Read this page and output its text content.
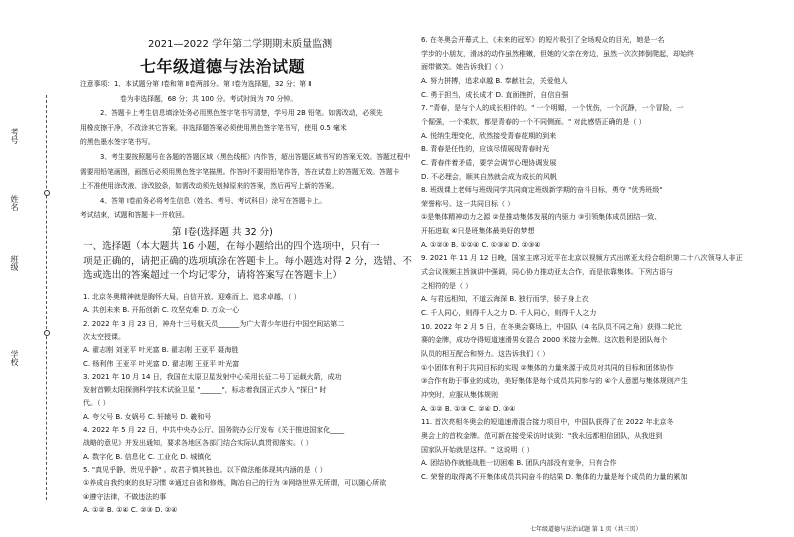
考号
姓名
班级
学校
2021—2022 学年第二学期期末质量监测
七年级道德与法治试题
注意事项：1、本试题分第 Ⅰ卷和第 Ⅱ卷两部分。第 Ⅰ卷为选择题，32 分；第 Ⅱ
卷为非选择题，68 分；共 100 分。考试时间为 70 分钟。
2、答题卡上考生信息填涂处务必用黑色签字笔书写清楚，学号用 2B 铅笔。如需改动，必须先
用橡皮擦干净，不改涂其它答案。非选择题答案必须使用黑色签字笔书写，使用 0.5 毫米
的黑色墨水签字笔书写。
3、考生要按照题号在各题的答题区域（黑色线框）内作答，超出答题区域书写的答案无效。答题过程中
需要用铅笔画图，画图后必须用黑色签字笔描黑。作答时不要用铅笔作答，答在试卷上的答题无效。答题卡
上不准使用涂改液、涂改胶条，如需改动须先划掉原来的答案，然后再写上新的答案。
4、答第 Ⅰ卷前务必将考生信息（姓名、考号、考试科目）涂写在答题卡上。
考试结束，试题和答题卡一并收回。
第 Ⅰ卷(选择题 共 32 分)
一、选择题（本大题共 16 小题，在每小题给出的四个选项中，只有一
项是正确的，请把正确的选项填涂在答题卡上。每小题选对得 2 分，选错、不
选或选出的答案超过一个均记零分，请将答案写在答题卡上）
1. 北京冬奥精神就是胸怀大局、自信开放、迎难而上、追求卓越、（ ）
A. 共创未来 B. 开拓创新 C. 攻坚克难 D. 万众一心
2. 2022 年 3 月 23 日，神舟十三号航天员______为广大青少年进行中国空间站第二
次太空授课。
A. 翟志刚 刘亚平 叶光富 B. 翟志刚 王亚平 聂海胜
C. 杨利伟 王亚平 叶光富 D. 翟志刚 王亚平 叶光富
3. 2021 年 10 月 14 日，我国在太原卫星发射中心采用长征二号丁运载火箭，成功
发射首颗太阳探测科学技术试验卫星 "______"，标志着我国正式步入 "探日" 时
代。（ ）
A. 夸父号 B. 女娲号 C. 轩辕号 D. 羲和号
4. 2022 年 5 月 22 日，中共中央办公厅、国务院办公厅发布《关于推进国家化____
战略的意见》并发出通知，要求各地区各部门结合实际认真贯彻落实。（ ）
A. 数字化 B. 信息化 C. 工业化 D. 城镇化
5. "真见乎静，贵见乎静" 。故君子慎其独也。以下做法能体现其内涵的是（ ）
①养成自我约束的良好习惯 ②通过自省和修炼，陶冶自己的行为 ③网络世界无所谓，可以随心所欲
④遵守法律，不做违法的事
A. ①② B. ①④ C. ②③ D. ②④
6. 在冬奥会开幕式上，《未来的冠军》的短片吸引了全场观众的目光，她是一名
学步的小朋友，滑冰的动作虽然稚嫩，但她的父亲在旁边，虽然一次次摔倒爬起，却始终
面带微笑。她告诉我们（ ）
A. 努力拼搏，追求卓越 B. 奉献社会，关爱他人
C. 勇于担当，成长成才 D. 直面挫折，自信自强
7. "青春，是与个人的成长相伴的。" 一个明媚，一个忧伤，一个沉静，一个冒险，一
个倔强，一个柔软，都是青春的一个不同侧面。" 对此感悟正确的是（ ）
A. 悦纳生理变化，欣然接受青春花期的到来
B. 青春是任性的，应该尽情展现青春时光
C. 青春伴着矛盾，要学会调节心理协调发展
D. 不必理会，顺其自然就会成为成长的风帆
8. 班级课上老师与班级同学共同商定班级新学期的奋斗目标，勇夺 "优秀班级"
荣誉称号。这一共同目标（ ）
①是集体精神动力之源 ②是推动集体发展的内驱力 ③引领集体成员团结一致、
开拓进取 ④只是班集体最美好的梦想
A. ①②③ B. ①②④ C. ①③④ D. ②③④
9. 2021 年 11 月 12 日晚，国家主席习近平在北京以视频方式出席亚太经合组织第二十八次领导人非正
式会议视频主旨演讲中强调，同心协力推动亚太合作，而是依靠集体。下列古语与
之相符的是（ ）
A. 与君远相知，不道云海深 B. 独行而学，骄子身上衣
C. 千人同心，则得千人之力 D. 千人同心，则得千人之力
10. 2022 年 2 月 5 日，在冬奥会赛场上，中国队（4 名队员不同之角）获得二轮比
赛的金牌，成功夺得短道速滑男女混合 2000 米接力金牌。这次胜利是团队每个
队员的相互配合和努力。这告诉我们（ ）
①小团体有利于共同目标的实现 ②集体的力量来源于成员对共同的目标和团体协作
③合作有助于事业的成功，美好集体是每个成员共同参与的 ④个人意愿与集体规则产生
冲突时，应服从集体规则
A. ①② B. ①③ C. ②④ D. ③④
11. 首次亮相冬奥会的短道速滑混合接力项目中，中国队获得了在 2022 年北京冬
奥会上的首枚金牌。范可新在接受采访时谈到："我永远都相信团队，从我进到
国家队开始就是这样。" 这说明（ ）
A. 团结协作就能战胜一切困难 B. 团队内部没有竞争，只有合作
C. 荣誉的取得离不开集体成员共同奋斗的结果 D. 集体的力量是每个成员的力量的累加
七年级道德与法治试题 第 1 页（共三页）
